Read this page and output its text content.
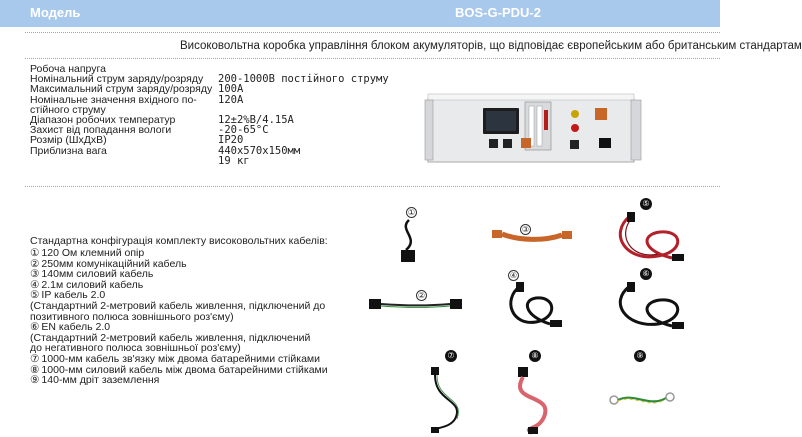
Модель	BOS-G-PDU-2
Високовольтна коробка управління блоком акумуляторів, що відповідає європейським або британським стандартам
Робоча напруга
Номінальний струм заряду/розряду 200-1000В постійного струму
Максимальний струм заряду/розряду 100A
Номінальне значення вхідного по- 120A
стійного струму
Діапазон робочих температур	12±2%В/4.15A
Захист від попадання вологи	-20-65°C
Розмір (ШхДхВ)	IP20
Приблизна вага	440x570x150мм
19 кг
Стандартна конфігурація комплекту високовольтних кабелів:
① 120 Ом клемний опір
② 250мм комунікаційний кабель
③ 140мм силовий кабель
④ 2.1м силовий кабель
⑤ IP кабель 2.0
(Стандартний 2-метровий кабель живлення, підключений до
позитивного полюса зовнішнього роз'єму)
⑥ EN кабель 2.0
(Стандартний 2-метровий кабель живлення, підключений
до негативного полюса зовнішньої роз'єму)
⑦ 1000-мм кабель зв'язку між двома батарейними стійками
⑧ 1000-мм силовий кабель між двома батарейними стійками
⑨ 140-мм дріт заземлення
①
③
⑤
②
④	⑥
⑦	⑧	⑨
